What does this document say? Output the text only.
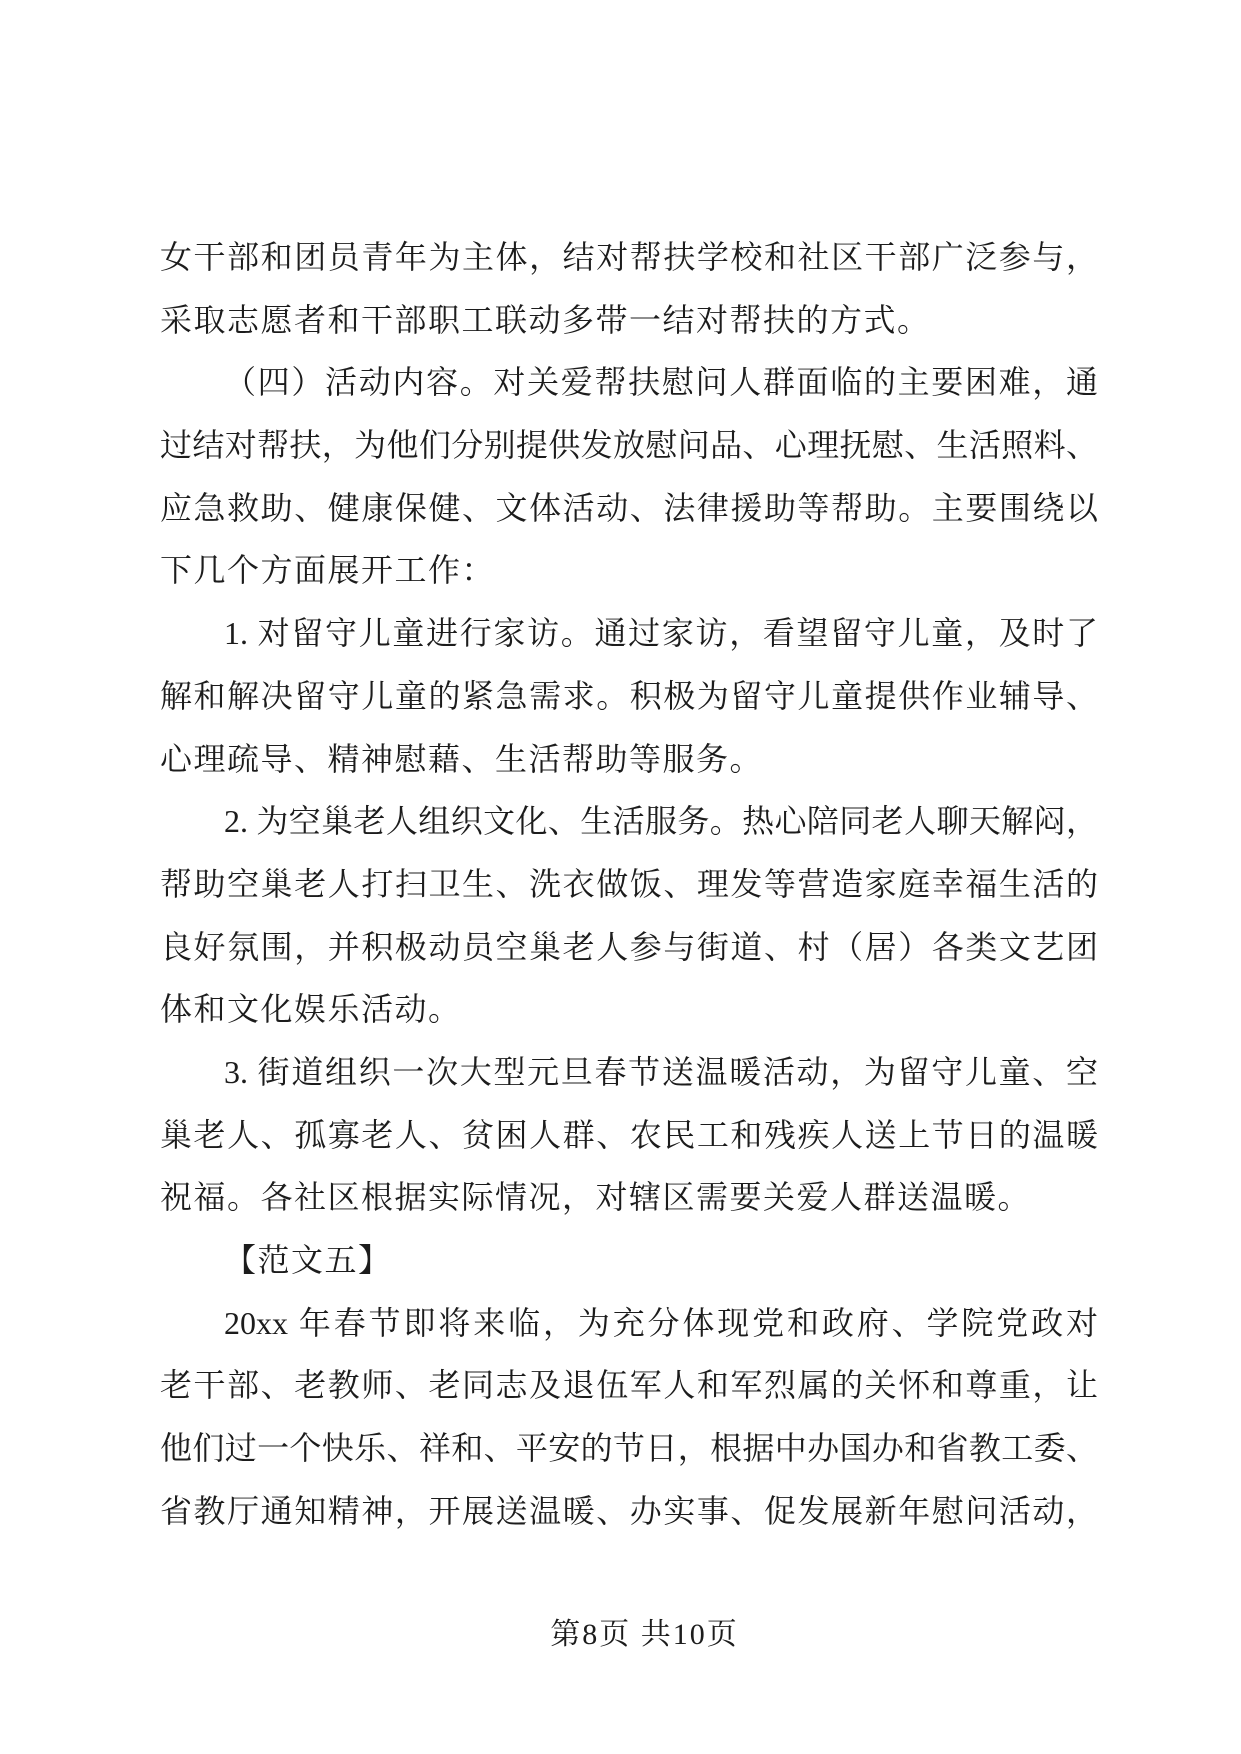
女干部和团员青年为主体，结对帮扶学校和社区干部广泛参与，
采取志愿者和干部职工联动多带一结对帮扶的方式。
（四）活动内容。对关爱帮扶慰问人群面临的主要困难，通
过结对帮扶，为他们分别提供发放慰问品、心理抚慰、生活照料、
应急救助、健康保健、文体活动、法律援助等帮助。主要围绕以
下几个方面展开工作：
1. 对留守儿童进行家访。通过家访，看望留守儿童，及时了
解和解决留守儿童的紧急需求。积极为留守儿童提供作业辅导、
心理疏导、精神慰藉、生活帮助等服务。
2. 为空巢老人组织文化、生活服务。热心陪同老人聊天解闷，
帮助空巢老人打扫卫生、洗衣做饭、理发等营造家庭幸福生活的
良好氛围，并积极动员空巢老人参与街道、村（居）各类文艺团
体和文化娱乐活动。
3. 街道组织一次大型元旦春节送温暖活动，为留守儿童、空
巢老人、孤寡老人、贫困人群、农民工和残疾人送上节日的温暖
祝福。各社区根据实际情况，对辖区需要关爱人群送温暖。
【范文五】
20xx 年春节即将来临，为充分体现党和政府、学院党政对
老干部、老教师、老同志及退伍军人和军烈属的关怀和尊重，让
他们过一个快乐、祥和、平安的节日，根据中办国办和省教工委、
省教厅通知精神，开展送温暖、办实事、促发展新年慰问活动，
第8页 共10页
